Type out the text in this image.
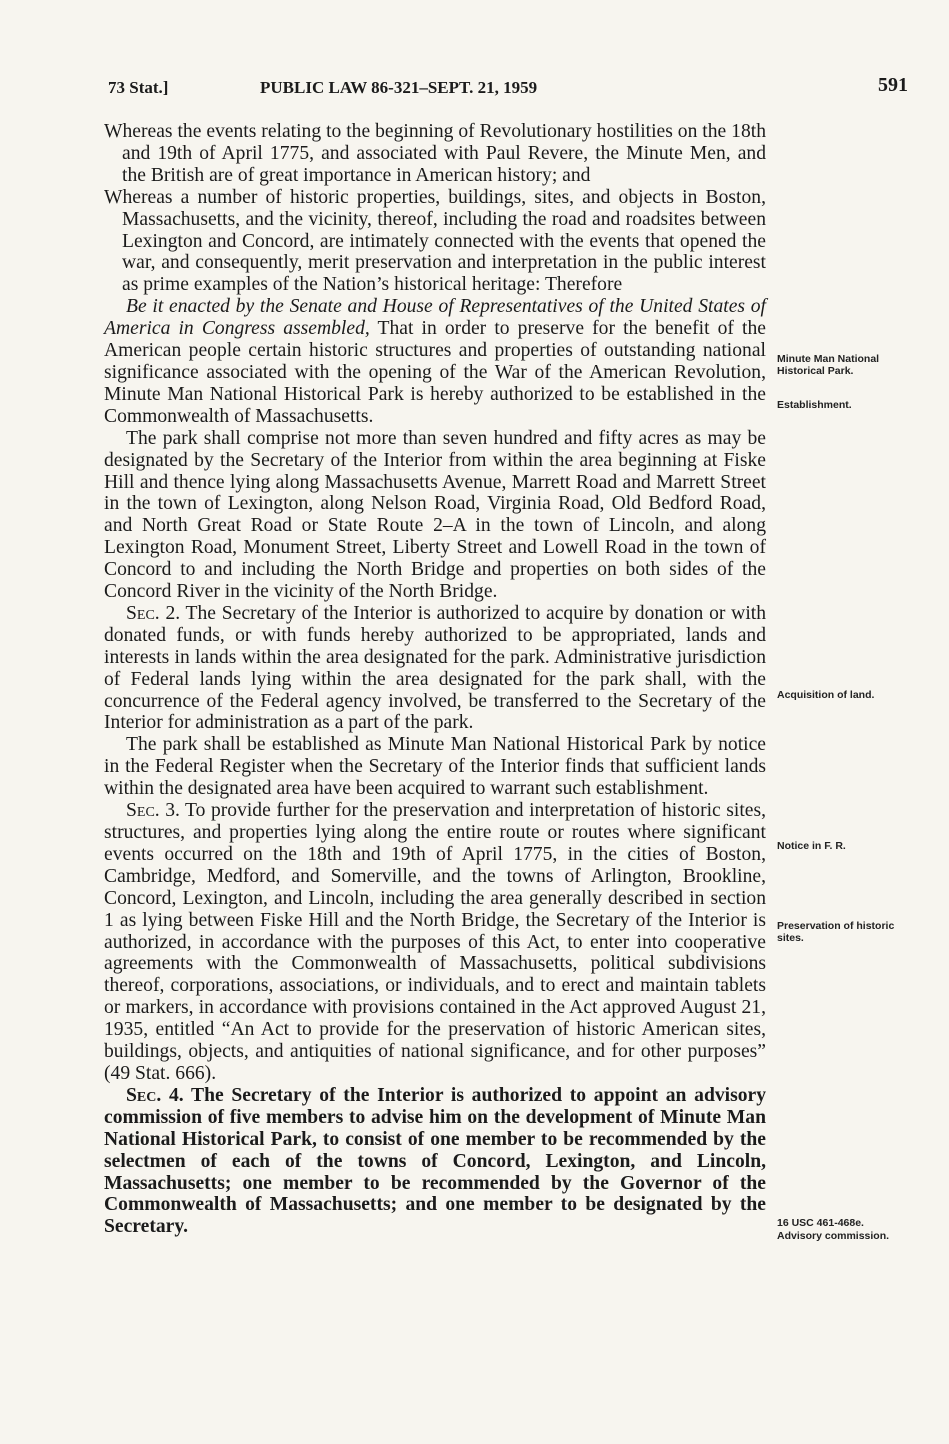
73 Stat.]	PUBLIC LAW 86-321–SEPT. 21, 1959	591

Whereas the events relating to the beginning of Revolutionary hostilities on the 18th and 19th of April 1775, and associated with Paul Revere, the Minute Men, and the British are of great importance in American history; and

Whereas a number of historic properties, buildings, sites, and objects in Boston, Massachusetts, and the vicinity, thereof, including the road and roadsites between Lexington and Concord, are intimately connected with the events that opened the war, and consequently, merit preservation and interpretation in the public interest as prime examples of the Nation’s historical heritage: Therefore

Be it enacted by the Senate and House of Representatives of the United States of America in Congress assembled, That in order to preserve for the benefit of the American people certain historic structures and properties of outstanding national significance associated with the opening of the War of the American Revolution, Minute Man National Historical Park is hereby authorized to be established in the Commonwealth of Massachusetts.

The park shall comprise not more than seven hundred and fifty acres as may be designated by the Secretary of the Interior from within the area beginning at Fiske Hill and thence lying along Massachusetts Avenue, Marrett Road and Marrett Street in the town of Lexington, along Nelson Road, Virginia Road, Old Bedford Road, and North Great Road or State Route 2–A in the town of Lincoln, and along Lexington Road, Monument Street, Liberty Street and Lowell Road in the town of Concord to and including the North Bridge and properties on both sides of the Concord River in the vicinity of the North Bridge.

Sec. 2. The Secretary of the Interior is authorized to acquire by donation or with donated funds, or with funds hereby authorized to be appropriated, lands and interests in lands within the area designated for the park. Administrative jurisdiction of Federal lands lying within the area designated for the park shall, with the concurrence of the Federal agency involved, be transferred to the Secretary of the Interior for administration as a part of the park.

The park shall be established as Minute Man National Historical Park by notice in the Federal Register when the Secretary of the Interior finds that sufficient lands within the designated area have been acquired to warrant such establishment.

Sec. 3. To provide further for the preservation and interpretation of historic sites, structures, and properties lying along the entire route or routes where significant events occurred on the 18th and 19th of April 1775, in the cities of Boston, Cambridge, Medford, and Somerville, and the towns of Arlington, Brookline, Concord, Lexington, and Lincoln, including the area generally described in section 1 as lying between Fiske Hill and the North Bridge, the Secretary of the Interior is authorized, in accordance with the purposes of this Act, to enter into cooperative agreements with the Commonwealth of Massachusetts, political subdivisions thereof, corporations, associations, or individuals, and to erect and maintain tablets or markers, in accordance with provisions contained in the Act approved August 21, 1935, entitled “An Act to provide for the preservation of historic American sites, buildings, objects, and antiquities of national significance, and for other purposes” (49 Stat. 666).

Sec. 4. The Secretary of the Interior is authorized to appoint an advisory commission of five members to advise him on the development of Minute Man National Historical Park, to consist of one member to be recommended by the selectmen of each of the towns of Concord, Lexington, and Lincoln, Massachusetts; one member to be recommended by the Governor of the Commonwealth of Massachusetts; and one member to be designated by the Secretary.

Minute Man National Historical Park.
Establishment.
Acquisition of land.
Notice in F. R.
Preservation of historic sites.
16 USC 461-468e.
Advisory commission.
